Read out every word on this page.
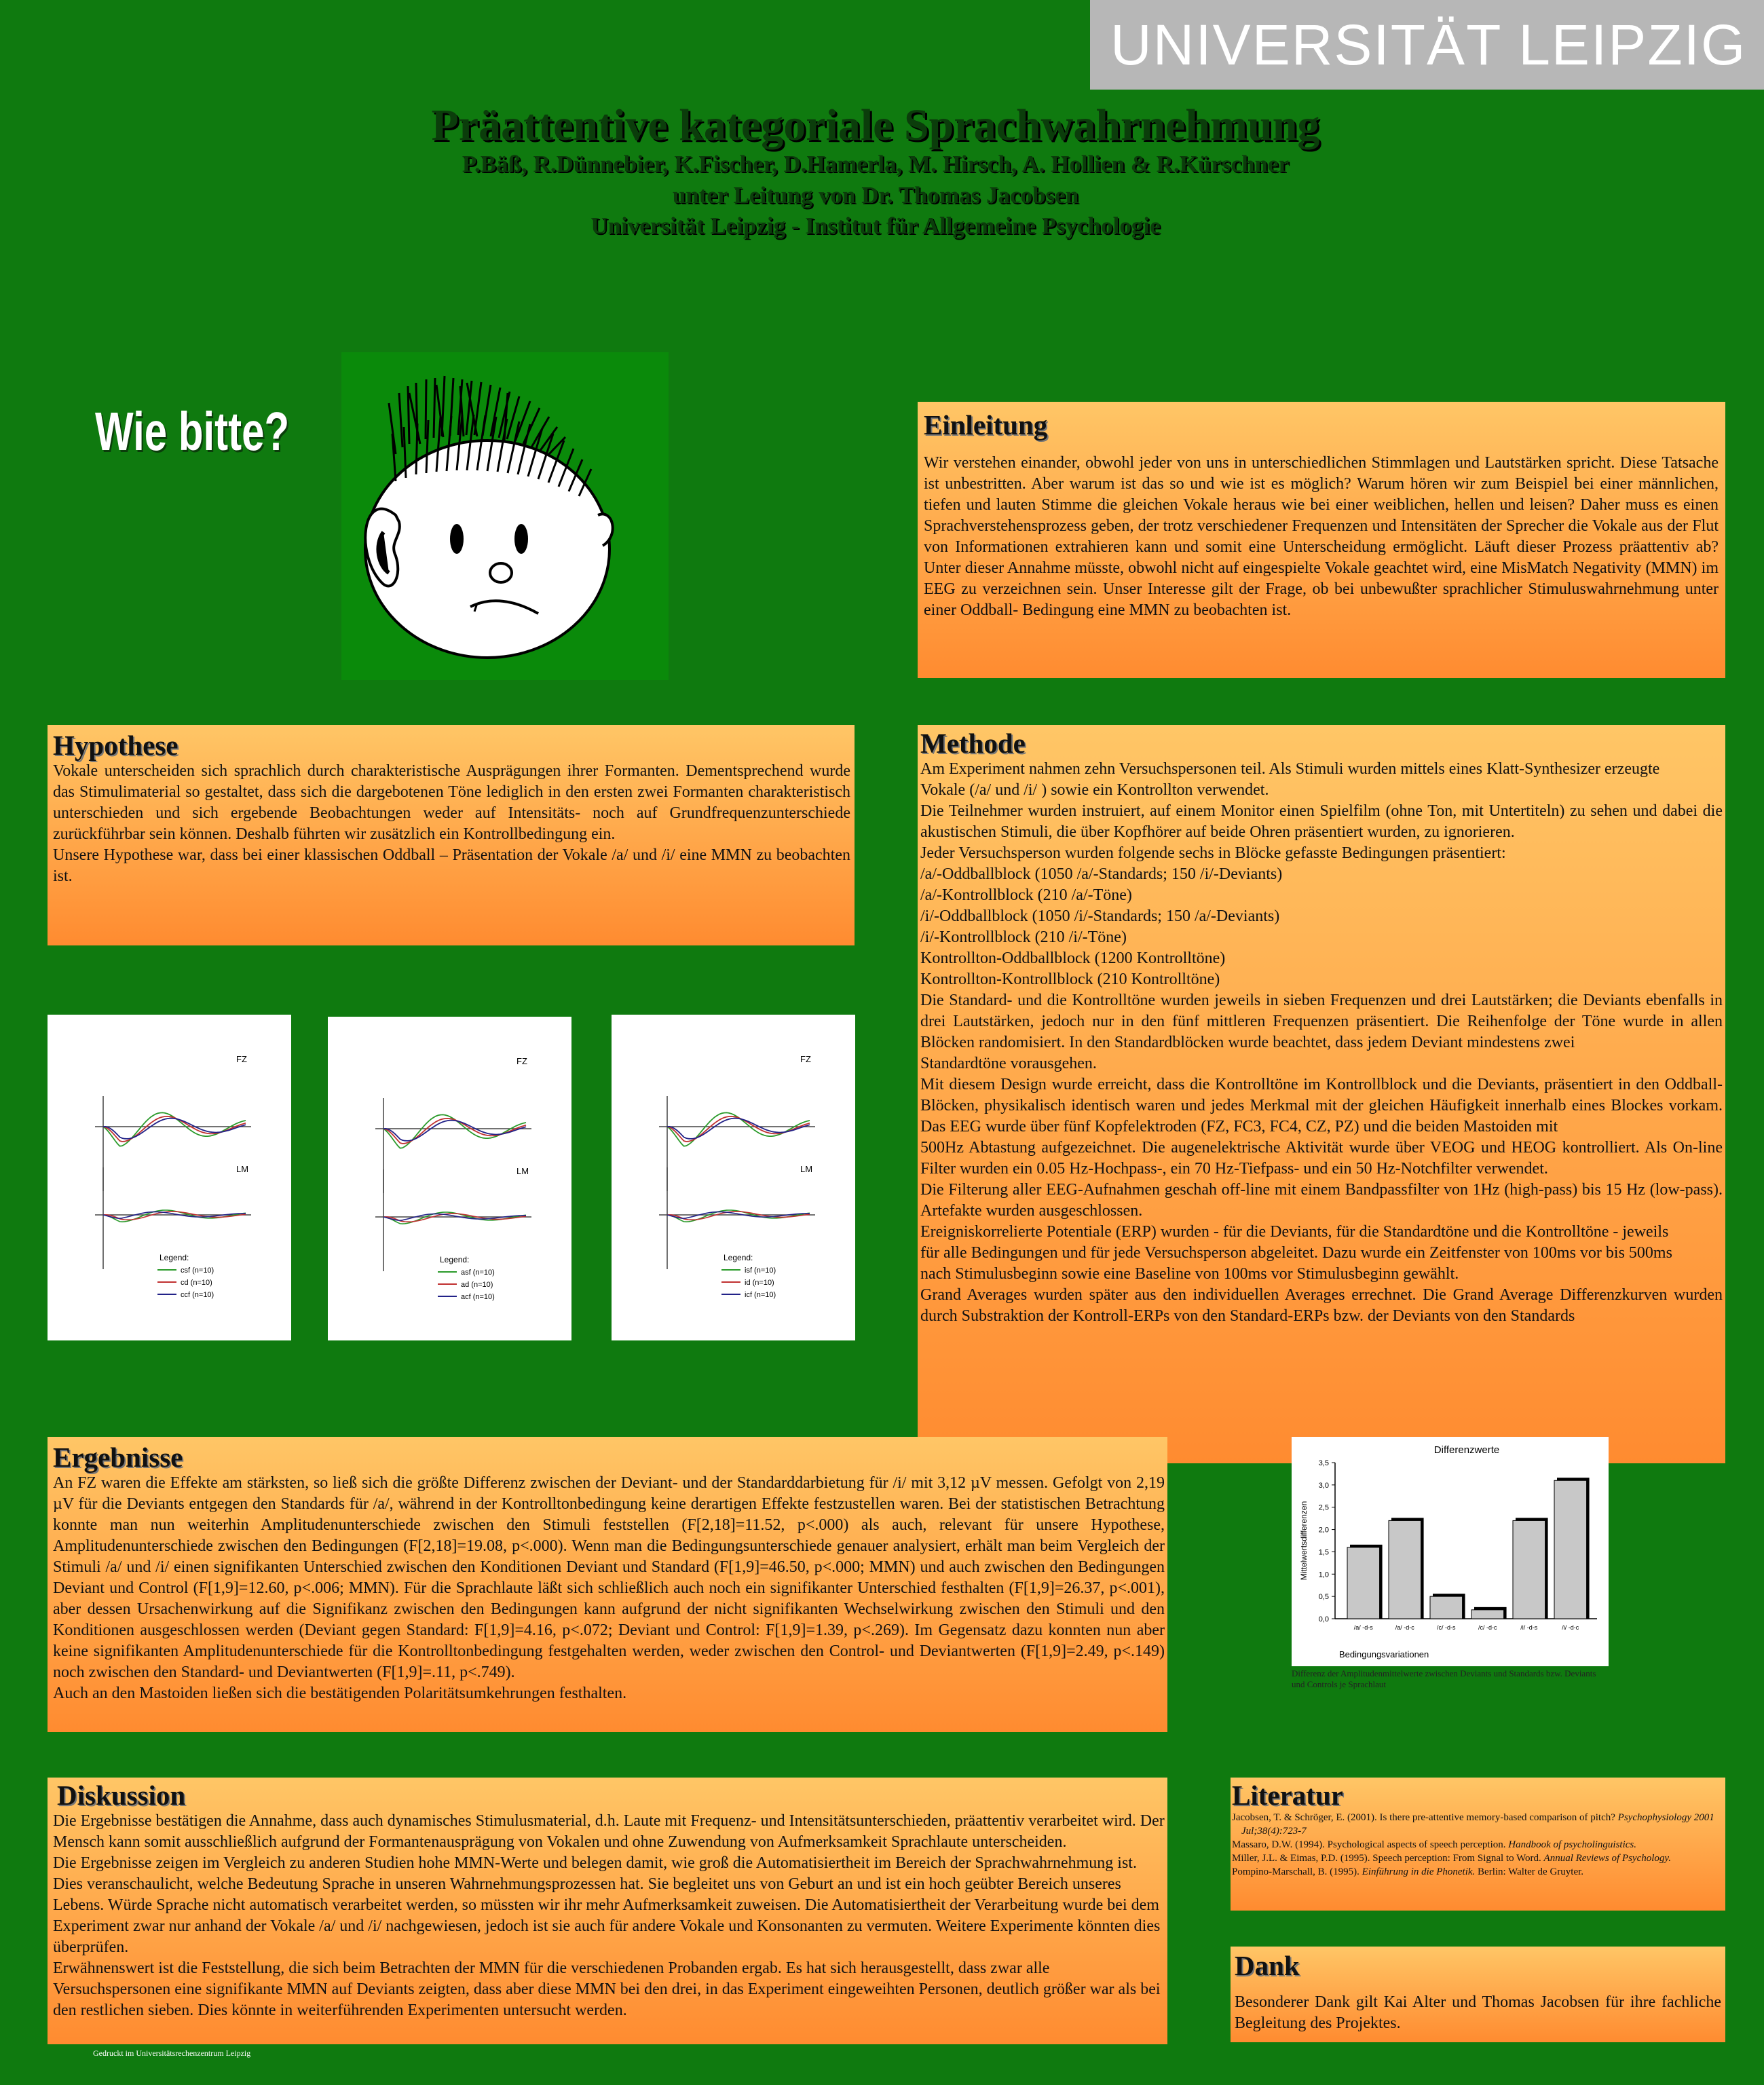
UNIVERSITÄT LEIPZIG
Präattentive kategoriale Sprachwahrnehmung
P.Bäß, R.Dünnebier, K.Fischer, D.Hamerla, M. Hirsch, A. Hollien & R.Kürschner
unter Leitung von Dr. Thomas Jacobsen
Universität Leipzig - Institut für Allgemeine Psychologie
Wie bitte?	Einleitung

Wir verstehen einander, obwohl jeder von uns in unterschiedlichen Stimmlagen und Lautstärken spricht. Diese Tatsache ist unbestritten. Aber warum ist das so und wie ist es möglich? Warum hören wir zum Beispiel bei einer männlichen, tiefen und lauten Stimme die gleichen Vokale heraus wie bei einer weiblichen, hellen und leisen? Daher muss es einen Sprachverstehensprozess geben, der trotz verschiedener Frequenzen und Intensitäten der Sprecher die Vokale aus der Flut von Informationen extrahieren kann und somit eine Unterscheidung ermöglicht. Läuft dieser Prozess präattentiv ab? Unter dieser Annahme müsste, obwohl nicht auf eingespielte Vokale geachtet wird, eine MisMatch Negativity (MMN) im EEG zu verzeichnen sein. Unser Interesse gilt der Frage, ob bei unbewußter sprachlicher Stimuluswahrnehmung unter einer Oddball- Bedingung eine MMN zu beobachten ist.

Hypothese

Vokale unterscheiden sich sprachlich durch charakteristische Ausprägungen ihrer Formanten. Dementsprechend wurde das Stimulimaterial so gestaltet, dass sich die dargebotenen Töne lediglich in den ersten zwei Formanten charakteristisch unterschieden und sich ergebende Beobachtungen weder auf Intensitäts- noch auf Grundfrequenzunterschiede zurückführbar sein können. Deshalb führten wir zusätzlich ein Kontrollbedingung ein.

Unsere Hypothese war, dass bei einer klassischen Oddball – Präsentation der Vokale /a/ und /i/ eine MMN zu beobachten ist.

Methode

Am Experiment nahmen zehn Versuchspersonen teil. Als Stimuli wurden mittels eines Klatt-Synthesizer erzeugte

Vokale (/a/ und /i/ ) sowie ein Kontrollton verwendet.

Die Teilnehmer wurden instruiert, auf einem Monitor einen Spielfilm (ohne Ton, mit Untertiteln) zu sehen und dabei die akustischen Stimuli, die über Kopfhörer auf beide Ohren präsentiert wurden, zu ignorieren.

Jeder Versuchsperson wurden folgende sechs in Blöcke gefasste Bedingungen präsentiert:

/a/-Oddballblock (1050 /a/-Standards; 150 /i/-Deviants)

/a/-Kontrollblock (210 /a/-Töne)

/i/-Oddballblock (1050 /i/-Standards; 150 /a/-Deviants)

/i/-Kontrollblock (210 /i/-Töne)

Kontrollton-Oddballblock (1200 Kontrolltöne)

Kontrollton-Kontrollblock (210 Kontrolltöne)

Die Standard- und die Kontrolltöne wurden jeweils in sieben Frequenzen und drei Lautstärken; die Deviants ebenfalls in drei Lautstärken, jedoch nur in den fünf mittleren Frequenzen präsentiert. Die Reihenfolge der Töne wurde in allen Blöcken randomisiert. In den Standardblöcken wurde beachtet, dass jedem Deviant mindestens zwei

Standardtöne vorausgehen.

Mit diesem Design wurde erreicht, dass die Kontrolltöne im Kontrollblock und die Deviants, präsentiert in den Oddball-Blöcken, physikalisch identisch waren und jedes Merkmal mit der gleichen Häufigkeit innerhalb eines Blockes vorkam. Das EEG wurde über fünf Kopfelektroden (FZ, FC3, FC4, CZ, PZ) und die beiden Mastoiden mit

500Hz Abtastung aufgezeichnet. Die augenelektrische Aktivität wurde über VEOG und HEOG kontrolliert. Als On-line Filter wurden ein 0.05 Hz-Hochpass-, ein 70 Hz-Tiefpass- und ein 50 Hz-Notchfilter verwendet.

Die Filterung aller EEG-Aufnahmen geschah off-line mit einem Bandpassfilter von 1Hz (high-pass) bis 15 Hz (low-pass). Artefakte wurden ausgeschlossen.

Ereigniskorrelierte Potentiale (ERP) wurden - für die Deviants, für die Standardtöne und die Kontrolltöne - jeweils

für alle Bedingungen und für jede Versuchsperson abgeleitet. Dazu wurde ein Zeitfenster von 100ms vor bis 500ms

nach Stimulusbeginn sowie eine Baseline von 100ms vor Stimulusbeginn gewählt.

Grand Averages wurden später aus den individuellen Averages errechnet. Die Grand Average Differenzkurven wurden durch Substraktion der Kontroll-ERPs von den Standard-ERPs bzw. der Deviants von den Standards

FZ
LM
Legend:
csf (n=10)
cd (n=10)
ccf (n=10)
FZ
LM
Legend:
asf (n=10)
ad (n=10)
acf (n=10)
FZ
LM
Legend:
isf (n=10)
id (n=10)
icf (n=10)
Ergebnisse

An FZ waren die Effekte am stärksten, so ließ sich die größte Differenz zwischen der Deviant- und der Standarddarbietung für /i/ mit 3,12 µV messen. Gefolgt von 2,19 µV für die Deviants entgegen den Standards für /a/, während in der Kontrolltonbedingung keine derartigen Effekte festzustellen waren. Bei der statistischen Betrachtung konnte man nun weiterhin Amplitudenunterschiede zwischen den Stimuli feststellen (F[2,18]=11.52, p<.000) als auch, relevant für unsere Hypothese, Amplitudenunterschiede zwischen den Bedingungen (F[2,18]=19.08, p<.000). Wenn man die Bedingungsunterschiede genauer analysiert, erhält man beim Vergleich der Stimuli /a/ und /i/ einen signifikanten Unterschied zwischen den Konditionen Deviant und Standard (F[1,9]=46.50, p<.000; MMN) und auch zwischen den Bedingungen Deviant und Control (F[1,9]=12.60, p<.006; MMN). Für die Sprachlaute läßt sich schließlich auch noch ein signifikanter Unterschied festhalten (F[1,9]=26.37, p<.001), aber dessen Ursachenwirkung auf die Signifikanz zwischen den Bedingungen kann aufgrund der nicht signifikanten Wechselwirkung zwischen den Stimuli und den Konditionen ausgeschlossen werden (Deviant gegen Standard: F[1,9]=4.16, p<.072; Deviant und Control: F[1,9]=1.39, p<.269). Im Gegensatz dazu konnten nun aber keine signifikanten Amplitudenunterschiede für die Kontrolltonbedingung festgehalten werden, weder zwischen den Control- und Deviantwerten (F[1,9]=2.49, p<.149) noch zwischen den Standard- und Deviantwerten (F[1,9]=.11, p<.749).

Auch an den Mastoiden ließen sich die bestätigenden Polaritätsumkehrungen festhalten.

Differenzwerte
0,0
0,5
1,0
1,5
2,0
2,5
3,0
3,5
/a/ -d-s	/a/ -d-c	/c/ -d-s	/c/ -d-c	/i/ -d-s	/i/ -d-c
Bedingungsvariationen
Mittelwertsdifferenzen
Differenz der Amplitudenmittelwerte zwischen Deviants und Standards bzw. Deviants und Controls je Sprachlaut
Diskussion

Die Ergebnisse bestätigen die Annahme, dass auch dynamisches Stimulusmaterial, d.h. Laute mit Frequenz- und Intensitätsunterschieden, präattentiv verarbeitet wird. Der Mensch kann somit ausschließlich aufgrund der Formantenausprägung von Vokalen und ohne Zuwendung von Aufmerksamkeit Sprachlaute unterscheiden.

Die Ergebnisse zeigen im Vergleich zu anderen Studien hohe MMN-Werte und belegen damit, wie groß die Automatisiertheit im Bereich der Sprachwahrnehmung ist. Dies veranschaulicht, welche Bedeutung Sprache in unseren Wahrnehmungsprozessen hat. Sie begleitet uns von Geburt an und ist ein hoch geübter Bereich unseres Lebens. Würde Sprache nicht automatisch verarbeitet werden, so müssten wir ihr mehr Aufmerksamkeit zuweisen. Die Automatisiertheit der Verarbeitung wurde bei dem Experiment zwar nur anhand der Vokale /a/ und /i/ nachgewiesen, jedoch ist sie auch für andere Vokale und Konsonanten zu vermuten. Weitere Experimente könnten dies überprüfen.

Erwähnenswert ist die Feststellung, die sich beim Betrachten der MMN für die verschiedenen Probanden ergab. Es hat sich herausgestellt, dass zwar alle Versuchspersonen eine signifikante MMN auf Deviants zeigten, dass aber diese MMN bei den drei, in das Experiment eingeweihten Personen, deutlich größer war als bei den restlichen sieben. Dies könnte in weiterführenden Experimenten untersucht werden.

Literatur

Jacobsen, T. & Schröger, E. (2001). Is there pre-attentive memory-based comparison of pitch? Psychophysiology 2001 Jul;38(4):723-7

Massaro, D.W. (1994). Psychological aspects of speech perception. Handbook of psycholinguistics.

Miller, J.L. & Eimas, P.D. (1995). Speech perception: From Signal to Word. Annual Reviews of Psychology.

Pompino-Marschall, B. (1995). Einführung in die Phonetik. Berlin: Walter de Gruyter.

Dank

Besonderer Dank gilt Kai Alter und Thomas Jacobsen für ihre fachliche Begleitung des Projektes.

Gedruckt im Universitätsrechenzentrum Leipzig
